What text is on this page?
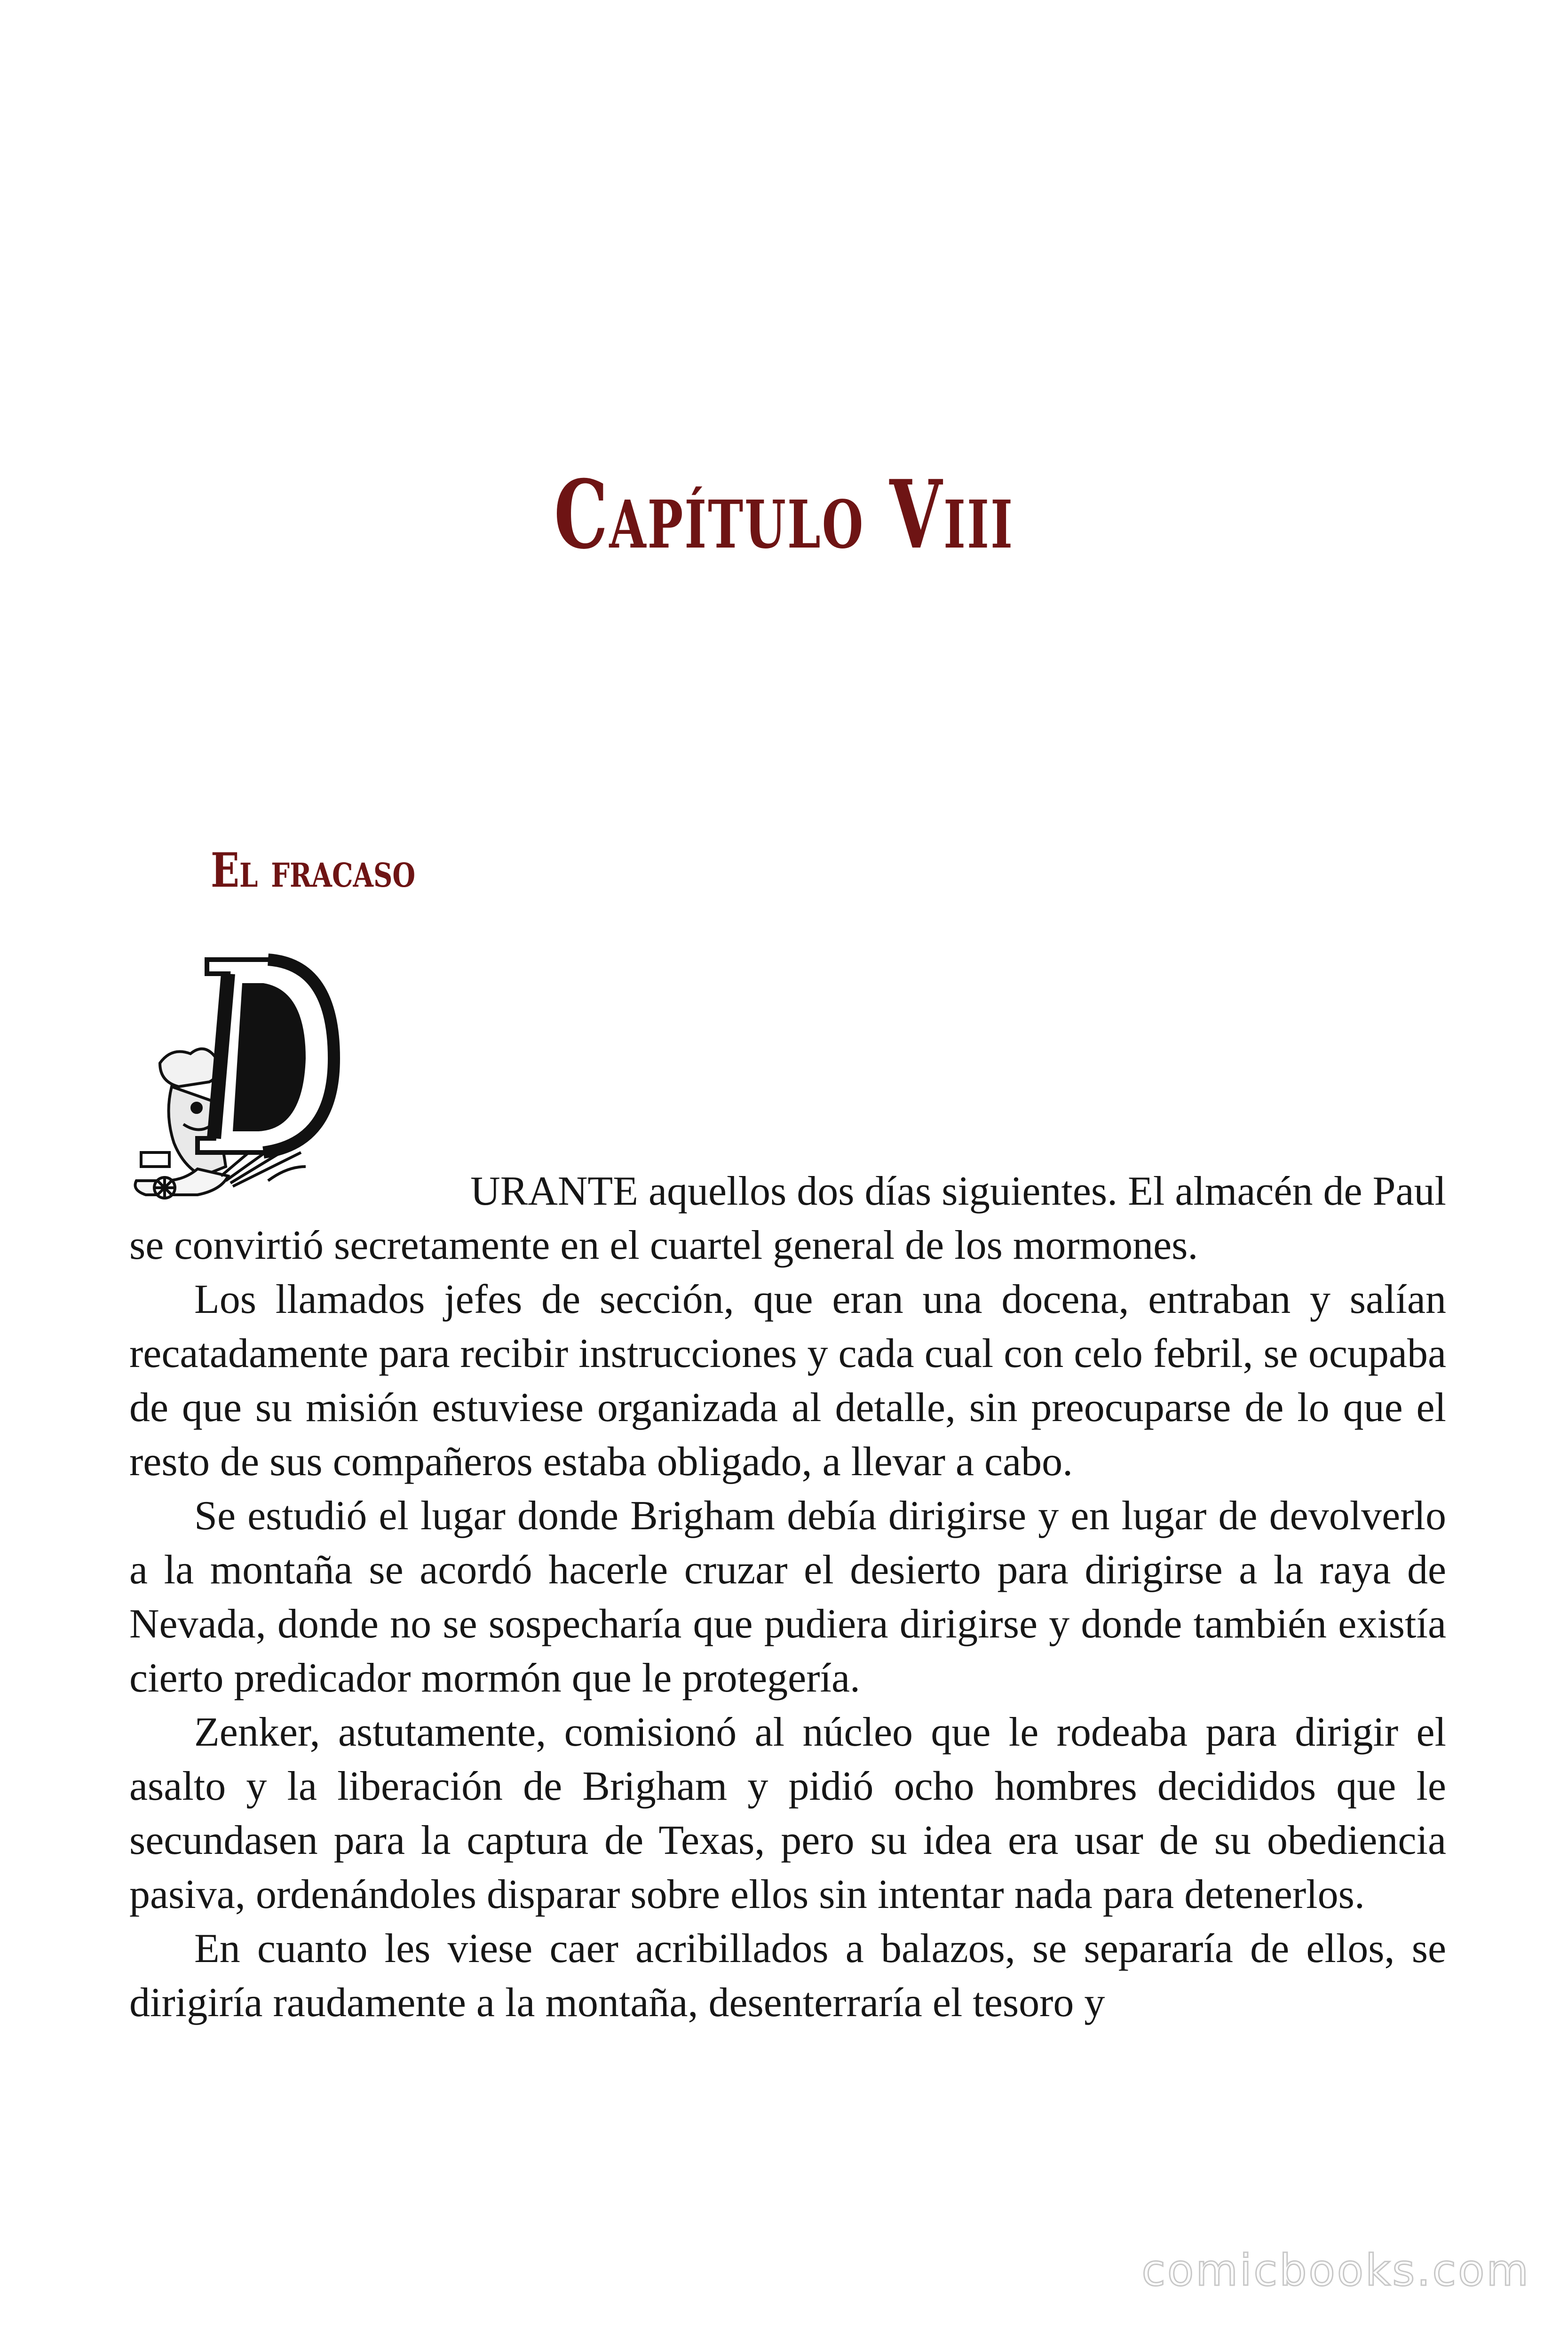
Capítulo Viii
El fracaso

URANTE aquellos dos días siguientes. El almacén de Paul
se convirtió secretamente en el cuartel general de los mormones.

Los llamados jefes de sección, que eran una docena, entraban y salían recatadamente para recibir instrucciones y cada cual con celo febril, se ocupaba de que su misión estuviese organizada al detalle, sin preocuparse de lo que el resto de sus compañeros estaba obligado, a llevar a cabo.

Se estudió el lugar donde Brigham debía dirigirse y en lugar de devolverlo a la montaña se acordó hacerle cruzar el desierto para dirigirse a la raya de Nevada, donde no se sospecharía que pudiera dirigirse y donde también existía cierto predicador mormón que le protegería.

Zenker, astutamente, comisionó al núcleo que le rodeaba para dirigir el asalto y la liberación de Brigham y pidió ocho hombres decididos que le secundasen para la captura de Texas, pero su idea era usar de su obediencia pasiva, ordenándoles disparar sobre ellos sin intentar nada para detenerlos.

En cuanto les viese caer acribillados a balazos, se separaría de ellos, se dirigiría raudamente a la montaña, desenterraría el tesoro y

comicbooks.com
